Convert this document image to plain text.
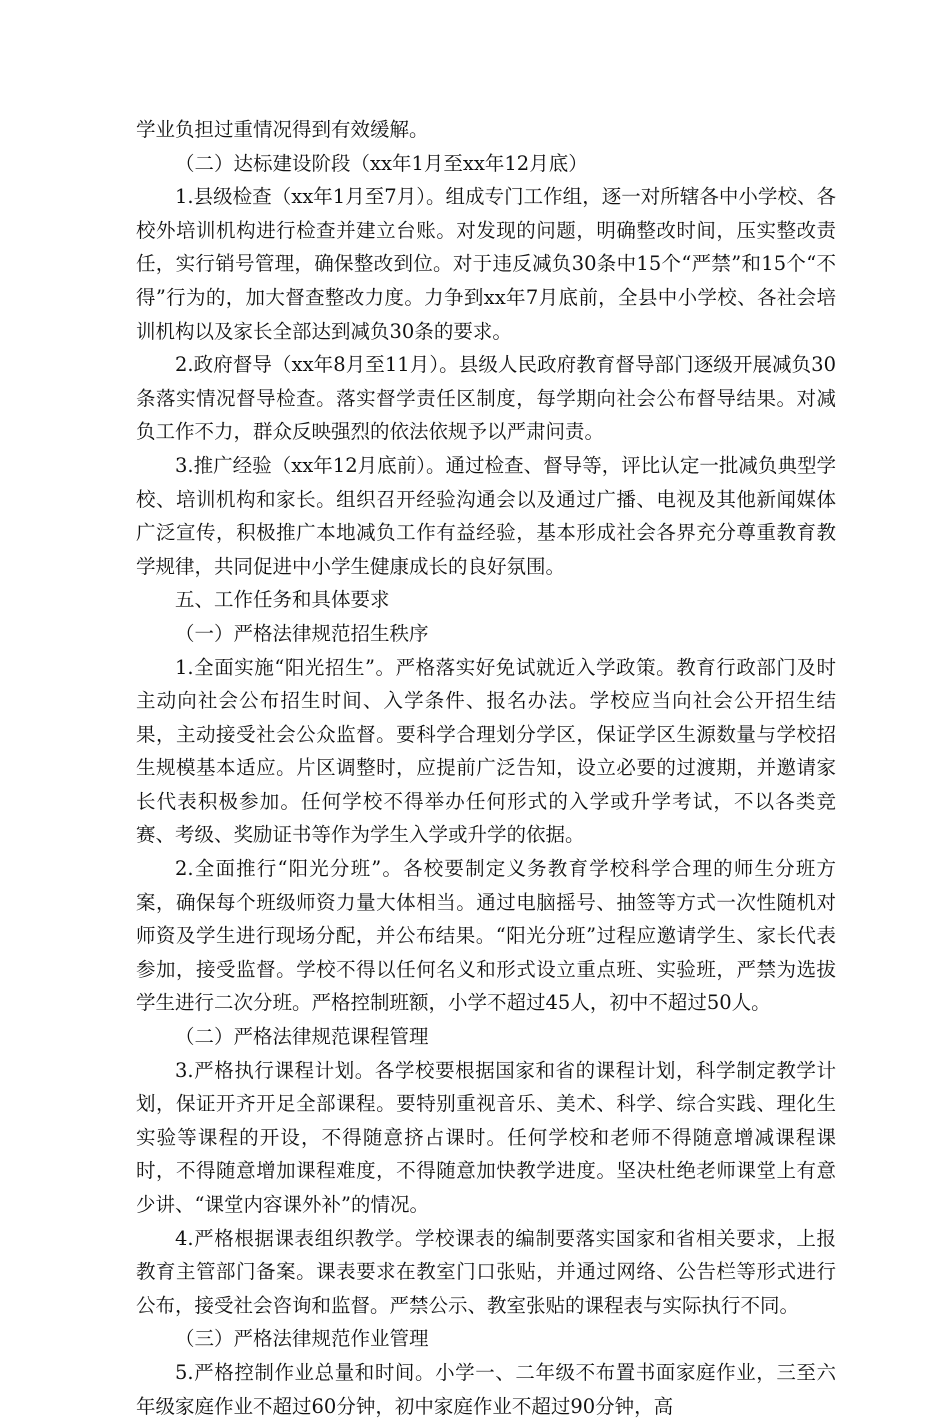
学业负担过重情况得到有效缓解。

（二）达标建设阶段（xx年1月至xx年12月底）

1.县级检查（xx年1月至7月）。组成专门工作组，逐一对所辖各中小学校、各校外培训机构进行检查并建立台账。对发现的问题，明确整改时间，压实整改责任，实行销号管理，确保整改到位。对于违反减负30条中15个“严禁”和15个“不得”行为的，加大督查整改力度。力争到xx年7月底前，全县中小学校、各社会培训机构以及家长全部达到减负30条的要求。

2.政府督导（xx年8月至11月）。县级人民政府教育督导部门逐级开展减负30条落实情况督导检查。落实督学责任区制度，每学期向社会公布督导结果。对减负工作不力，群众反映强烈的依法依规予以严肃问责。

3.推广经验（xx年12月底前）。通过检查、督导等，评比认定一批减负典型学校、培训机构和家长。组织召开经验沟通会以及通过广播、电视及其他新闻媒体广泛宣传，积极推广本地减负工作有益经验，基本形成社会各界充分尊重教育教学规律，共同促进中小学生健康成长的良好氛围。

五、工作任务和具体要求

（一）严格法律规范招生秩序

1.全面实施“阳光招生”。严格落实好免试就近入学政策。教育行政部门及时主动向社会公布招生时间、入学条件、报名办法。学校应当向社会公开招生结果，主动接受社会公众监督。要科学合理划分学区，保证学区生源数量与学校招生规模基本适应。片区调整时，应提前广泛告知，设立必要的过渡期，并邀请家长代表积极参加。任何学校不得举办任何形式的入学或升学考试，不以各类竞赛、考级、奖励证书等作为学生入学或升学的依据。

2.全面推行“阳光分班”。各校要制定义务教育学校科学合理的师生分班方案，确保每个班级师资力量大体相当。通过电脑摇号、抽签等方式一次性随机对师资及学生进行现场分配，并公布结果。“阳光分班”过程应邀请学生、家长代表参加，接受监督。学校不得以任何名义和形式设立重点班、实验班，严禁为选拔学生进行二次分班。严格控制班额，小学不超过45人，初中不超过50人。

（二）严格法律规范课程管理

3.严格执行课程计划。各学校要根据国家和省的课程计划，科学制定教学计划，保证开齐开足全部课程。要特别重视音乐、美术、科学、综合实践、理化生实验等课程的开设，不得随意挤占课时。任何学校和老师不得随意增减课程课时，不得随意增加课程难度，不得随意加快教学进度。坚决杜绝老师课堂上有意少讲、“课堂内容课外补”的情况。

4.严格根据课表组织教学。学校课表的编制要落实国家和省相关要求，上报教育主管部门备案。课表要求在教室门口张贴，并通过网络、公告栏等形式进行公布，接受社会咨询和监督。严禁公示、教室张贴的课程表与实际执行不同。

（三）严格法律规范作业管理

5.严格控制作业总量和时间。小学一、二年级不布置书面家庭作业，三至六年级家庭作业不超过60分钟，初中家庭作业不超过90分钟，高
